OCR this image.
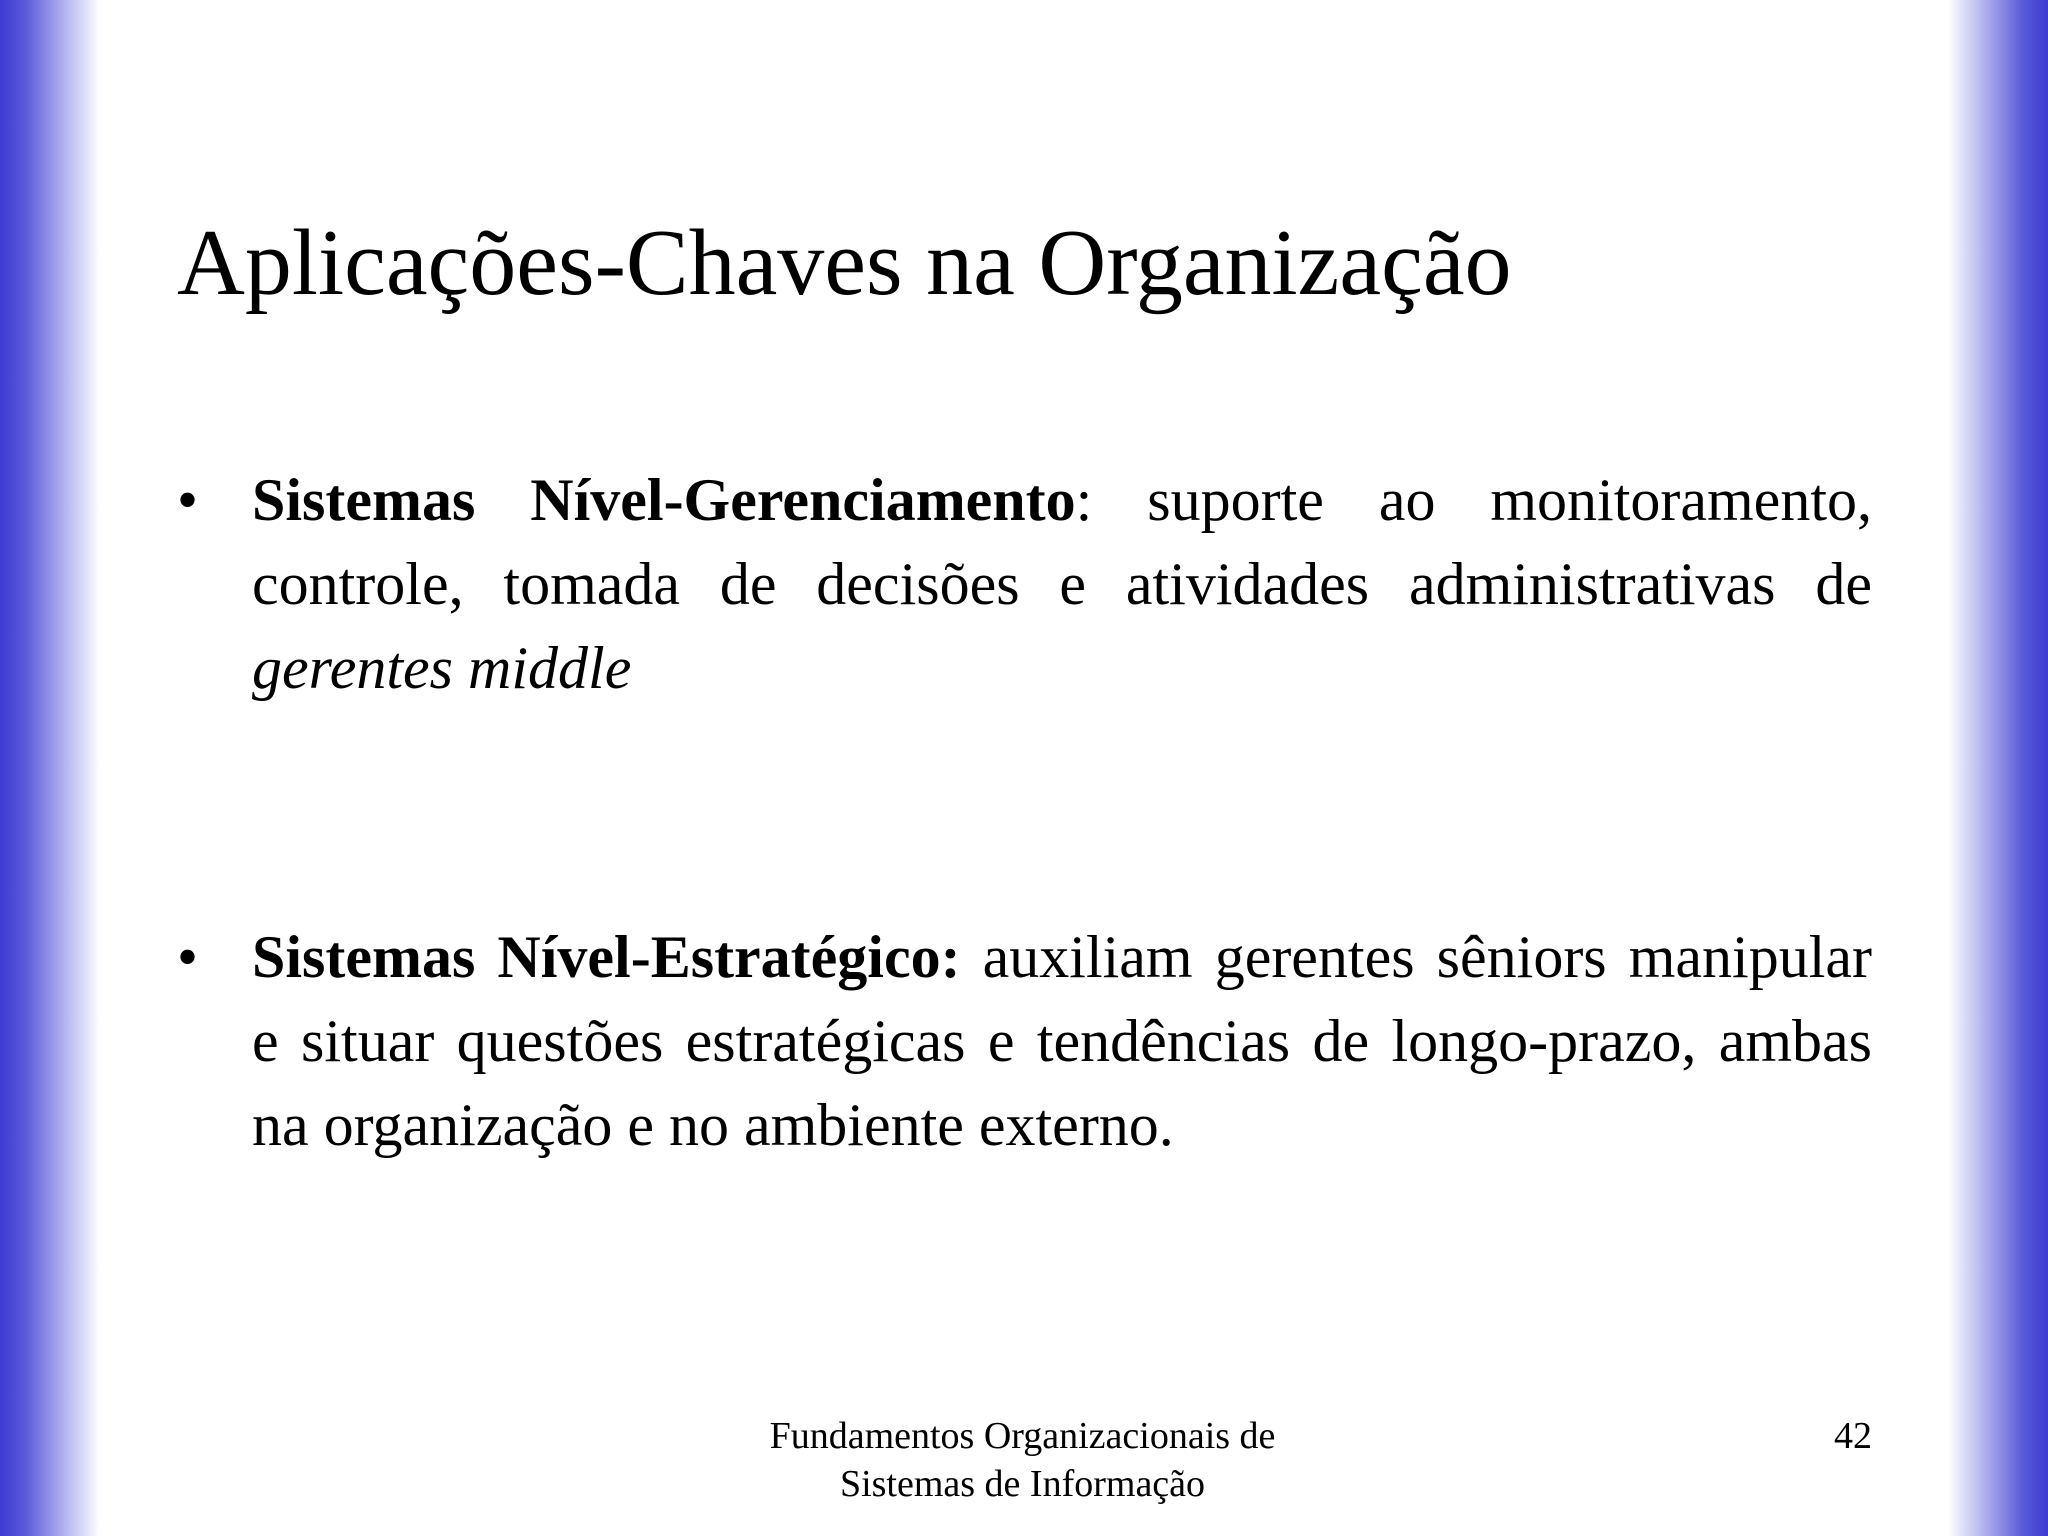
Aplicações-Chaves na Organização
• Sistemas Nível-Gerenciamento: suporte ao monitoramento, controle, tomada de decisões e atividades administrativas de gerentes middle
• Sistemas Nível-Estratégico: auxiliam gerentes sêniors manipular e situar questões estratégicas e tendências de longo-prazo, ambas na organização e no ambiente externo.
Fundamentos Organizacionais de
Sistemas de Informação
42
